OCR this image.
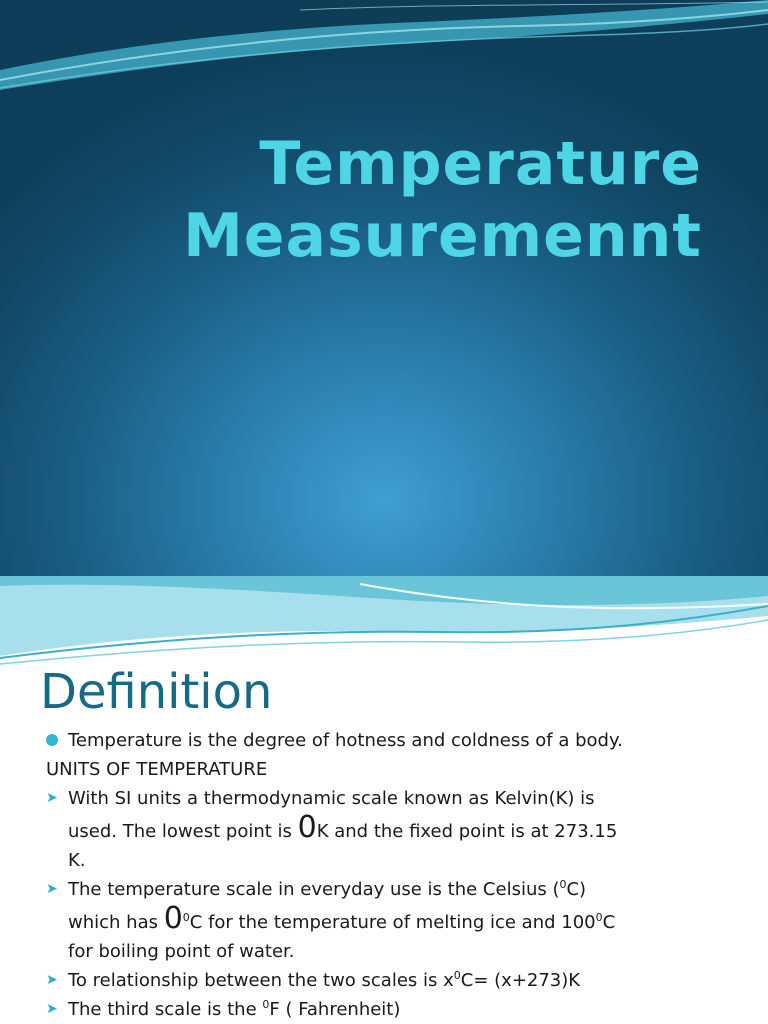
Temperature
Measuremennt
Definition
Temperature is the degree of hotness and coldness of a body.
UNITS OF TEMPERATURE
➤ With SI units a thermodynamic scale known as Kelvin(K) is
used. The lowest point is 0K and the fixed point is at 273.15
K.
➤ The temperature scale in everyday use is the Celsius ($^0$C)
which has $0^0C$ for the temperature of melting ice and $100^0C$
for boiling point of water.
➤ To relationship between the two scales is $x^0C= (x+273)K$
➤ The third scale is the $^0$F ( Fahrenheit)
